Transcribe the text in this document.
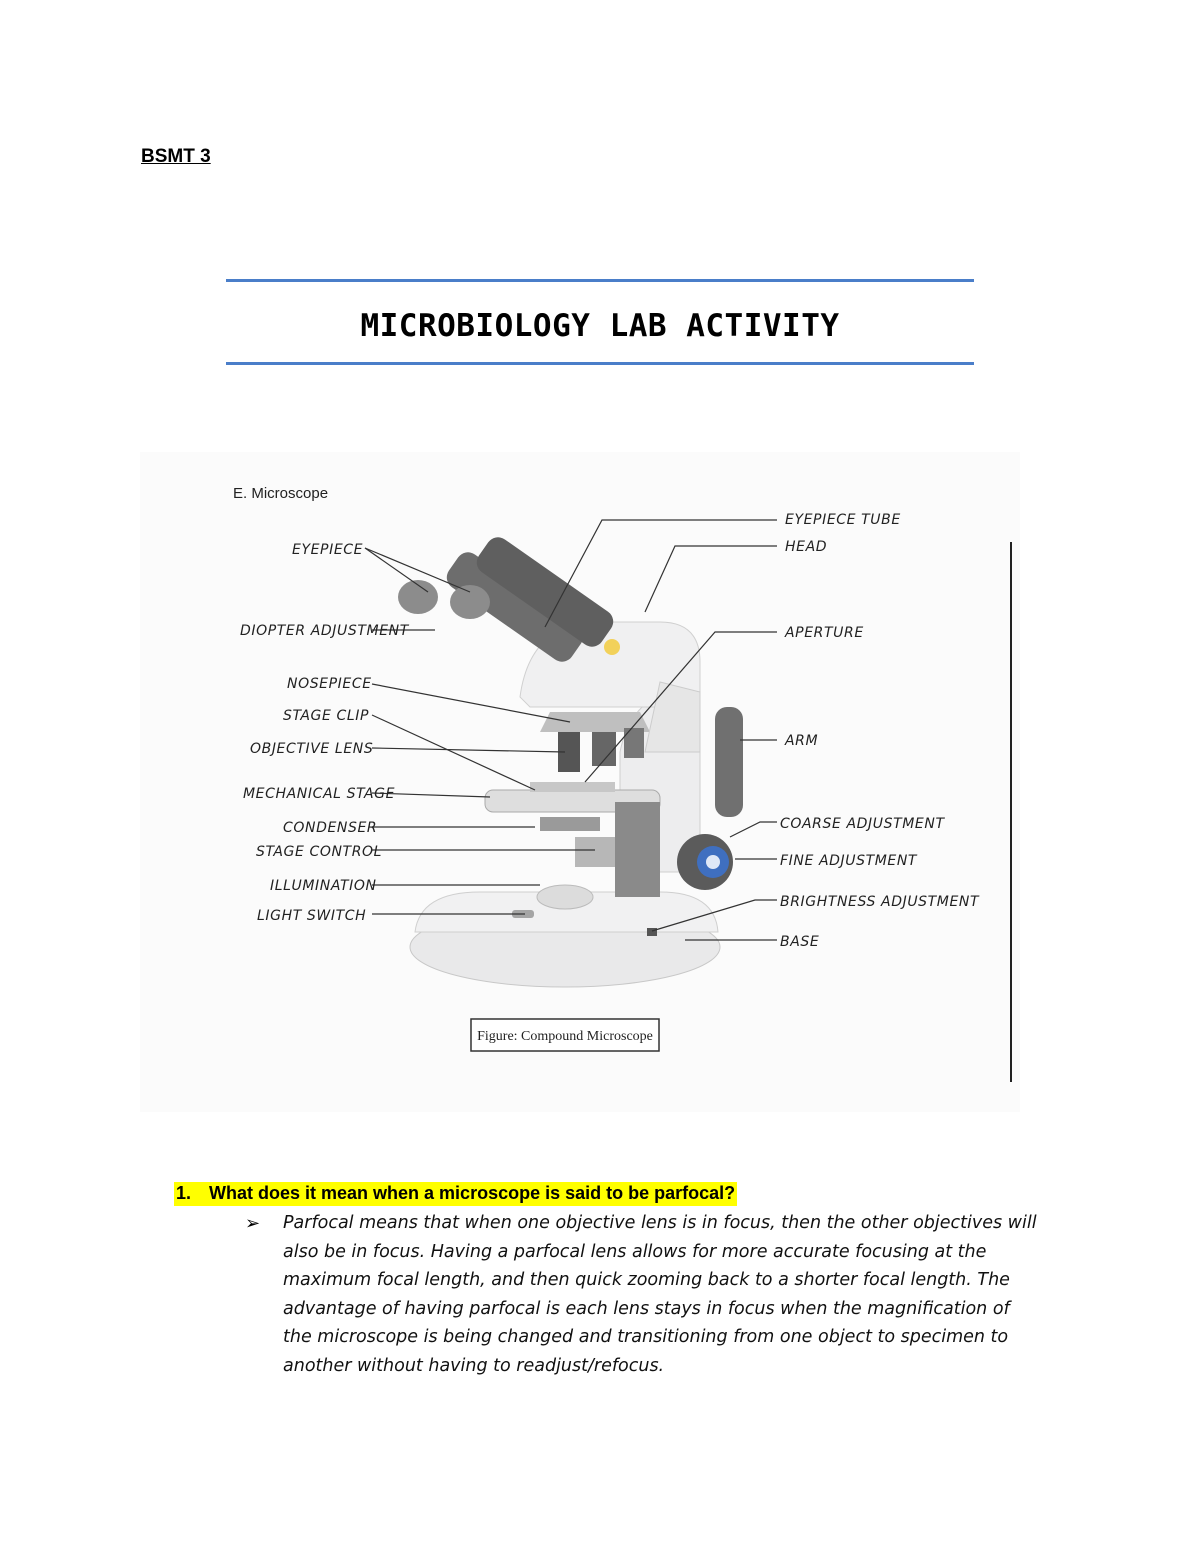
BSMT 3
MICROBIOLOGY LAB ACTIVITY
E. Microscope
EYEPIECE
DIOPTER ADJUSTMENT
NOSEPIECE
STAGE CLIP
OBJECTIVE LENS
MECHANICAL STAGE
CONDENSER
STAGE CONTROL
ILLUMINATION
LIGHT SWITCH
EYEPIECE TUBE
HEAD
APERTURE
ARM
COARSE ADJUSTMENT
FINE ADJUSTMENT
BRIGHTNESS ADJUSTMENT
BASE
Figure: Compound Microscope
1. What does it mean when a microscope is said to be parfocal?
➢ Parfocal means that when one objective lens is in focus, then the other objectives will also be in focus. Having a parfocal lens allows for more accurate focusing at the maximum focal length, and then quick zooming back to a shorter focal length. The advantage of having parfocal is each lens stays in focus when the magnification of the microscope is being changed and transitioning from one object to specimen to another without having to readjust/refocus.
